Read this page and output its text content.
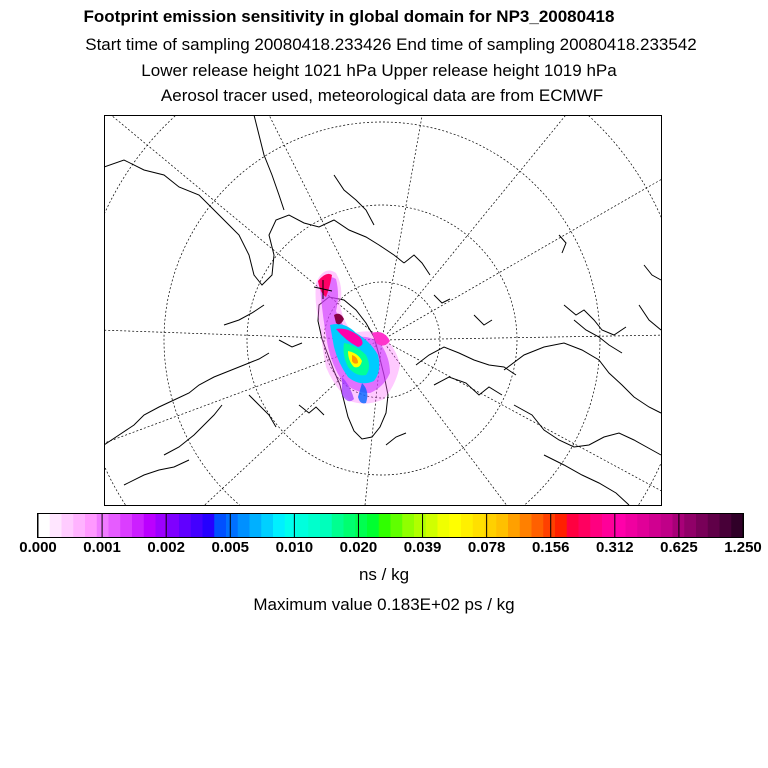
Footprint emission sensitivity in global domain for NP3_20080418
Start time of sampling 20080418.233426 End time of sampling 20080418.233542
Lower release height 1021 hPa Upper release height 1019 hPa
Aerosol tracer used, meteorological data are from ECMWF
0.000 0.001 0.002 0.005 0.010 0.020 0.039 0.078 0.156 0.312 0.625 1.250
ns / kg
Maximum value 0.183E+02 ps / kg
